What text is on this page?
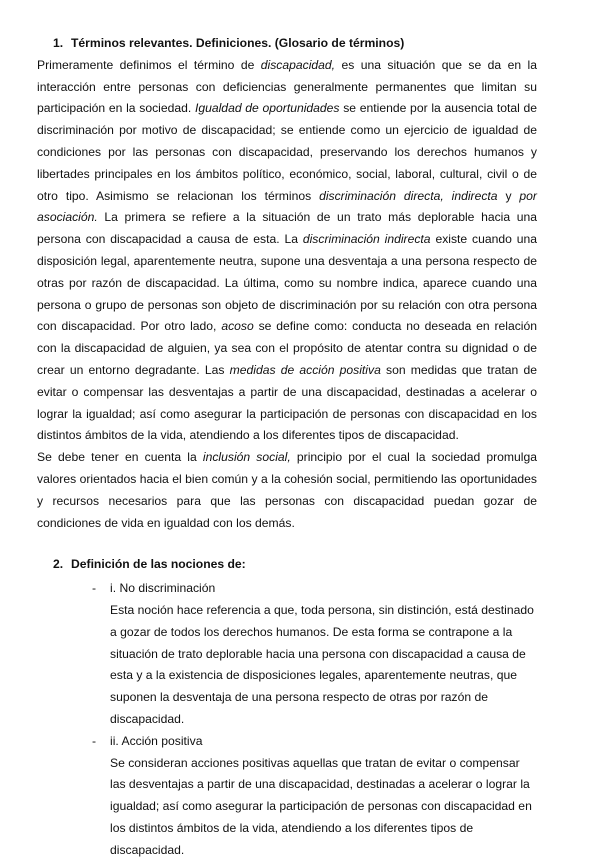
1. Términos relevantes. Definiciones. (Glosario de términos)

Primeramente definimos el término de discapacidad, es una situación que se da en la interacción entre personas con deficiencias generalmente permanentes que limitan su participación en la sociedad. Igualdad de oportunidades se entiende por la ausencia total de discriminación por motivo de discapacidad; se entiende como un ejercicio de igualdad de condiciones por las personas con discapacidad, preservando los derechos humanos y libertades principales en los ámbitos político, económico, social, laboral, cultural, civil o de otro tipo. Asimismo se relacionan los términos discriminación directa, indirecta y por asociación. La primera se refiere a la situación de un trato más deplorable hacia una persona con discapacidad a causa de esta. La discriminación indirecta existe cuando una disposición legal, aparentemente neutra, supone una desventaja a una persona respecto de otras por razón de discapacidad. La última, como su nombre indica, aparece cuando una persona o grupo de personas son objeto de discriminación por su relación con otra persona con discapacidad. Por otro lado, acoso se define como: conducta no deseada en relación con la discapacidad de alguien, ya sea con el propósito de atentar contra su dignidad o de crear un entorno degradante. Las medidas de acción positiva son medidas que tratan de evitar o compensar las desventajas a partir de una discapacidad, destinadas a acelerar o lograr la igualdad; así como asegurar la participación de personas con discapacidad en los distintos ámbitos de la vida, atendiendo a los diferentes tipos de discapacidad.

Se debe tener en cuenta la inclusión social, principio por el cual la sociedad promulga valores orientados hacia el bien común y a la cohesión social, permitiendo las oportunidades y recursos necesarios para que las personas con discapacidad puedan gozar de condiciones de vida en igualdad con los demás.

2. Definición de las nociones de:
- i. No discriminación
Esta noción hace referencia a que, toda persona, sin distinción, está destinado a gozar de todos los derechos humanos. De esta forma se contrapone a la situación de trato deplorable hacia una persona con discapacidad a causa de esta y a la existencia de disposiciones legales, aparentemente neutras, que suponen la desventaja de una persona respecto de otras por razón de discapacidad.
- ii. Acción positiva
Se consideran acciones positivas aquellas que tratan de evitar o compensar las desventajas a partir de una discapacidad, destinadas a acelerar o lograr la igualdad; así como asegurar la participación de personas con discapacidad en los distintos ámbitos de la vida, atendiendo a los diferentes tipos de discapacidad.
